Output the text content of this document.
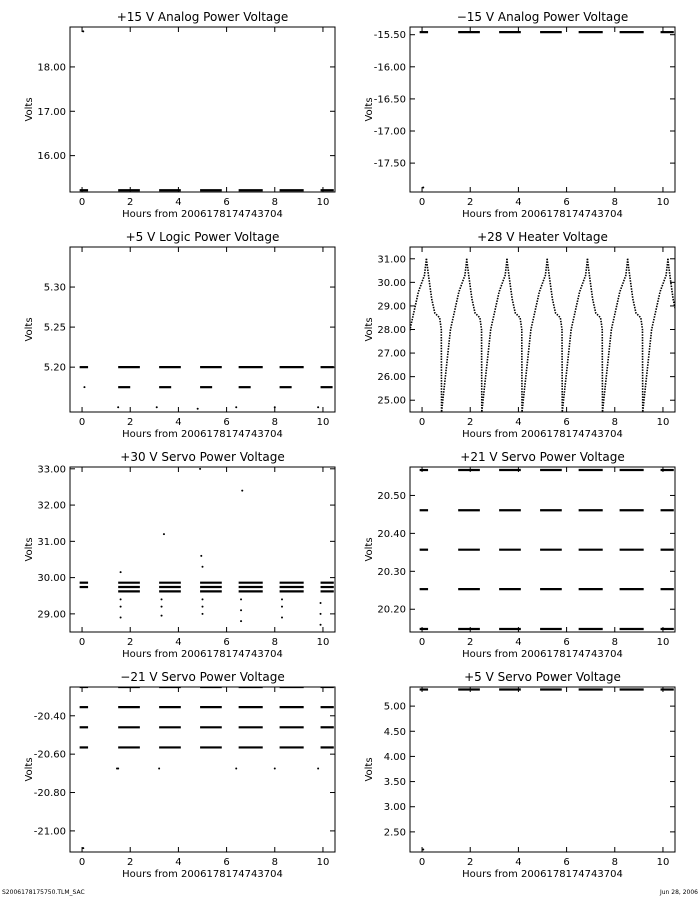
+15 V Analog Power Voltage
0	2	4	6	8	10
16.00
17.00
18.00
Hours from 2006178174743704
Volts
−15 V Analog Power Voltage
0	2	4	6	8	10
-15.50
-16.00
-16.50
-17.00
-17.50
Hours from 2006178174743704
Volts
+5 V Logic Power Voltage
0	2	4	6	8	10
5.20
5.25
5.30
Hours from 2006178174743704
Volts
+28 V Heater Voltage
0	2	4	6	8	10
25.00
26.00
27.00
28.00
29.00
30.00
31.00
Hours from 2006178174743704
Volts
+30 V Servo Power Voltage
0	2	4	6	8	10
29.00
30.00
31.00
32.00
33.00
Hours from 2006178174743704
Volts
+21 V Servo Power Voltage
0	2	4	6	8	10
20.20
20.30
20.40
20.50
Hours from 2006178174743704
Volts
−21 V Servo Power Voltage
0	2	4	6	8	10
-20.40
-20.60
-20.80
-21.00
Hours from 2006178174743704
Volts
+5 V Servo Power Voltage
0	2	4	6	8	10
2.50
3.00
3.50
4.00
4.50
5.00
Hours from 2006178174743704
Volts
S2006178175750.TLM_SAC	Jun 28, 2006
